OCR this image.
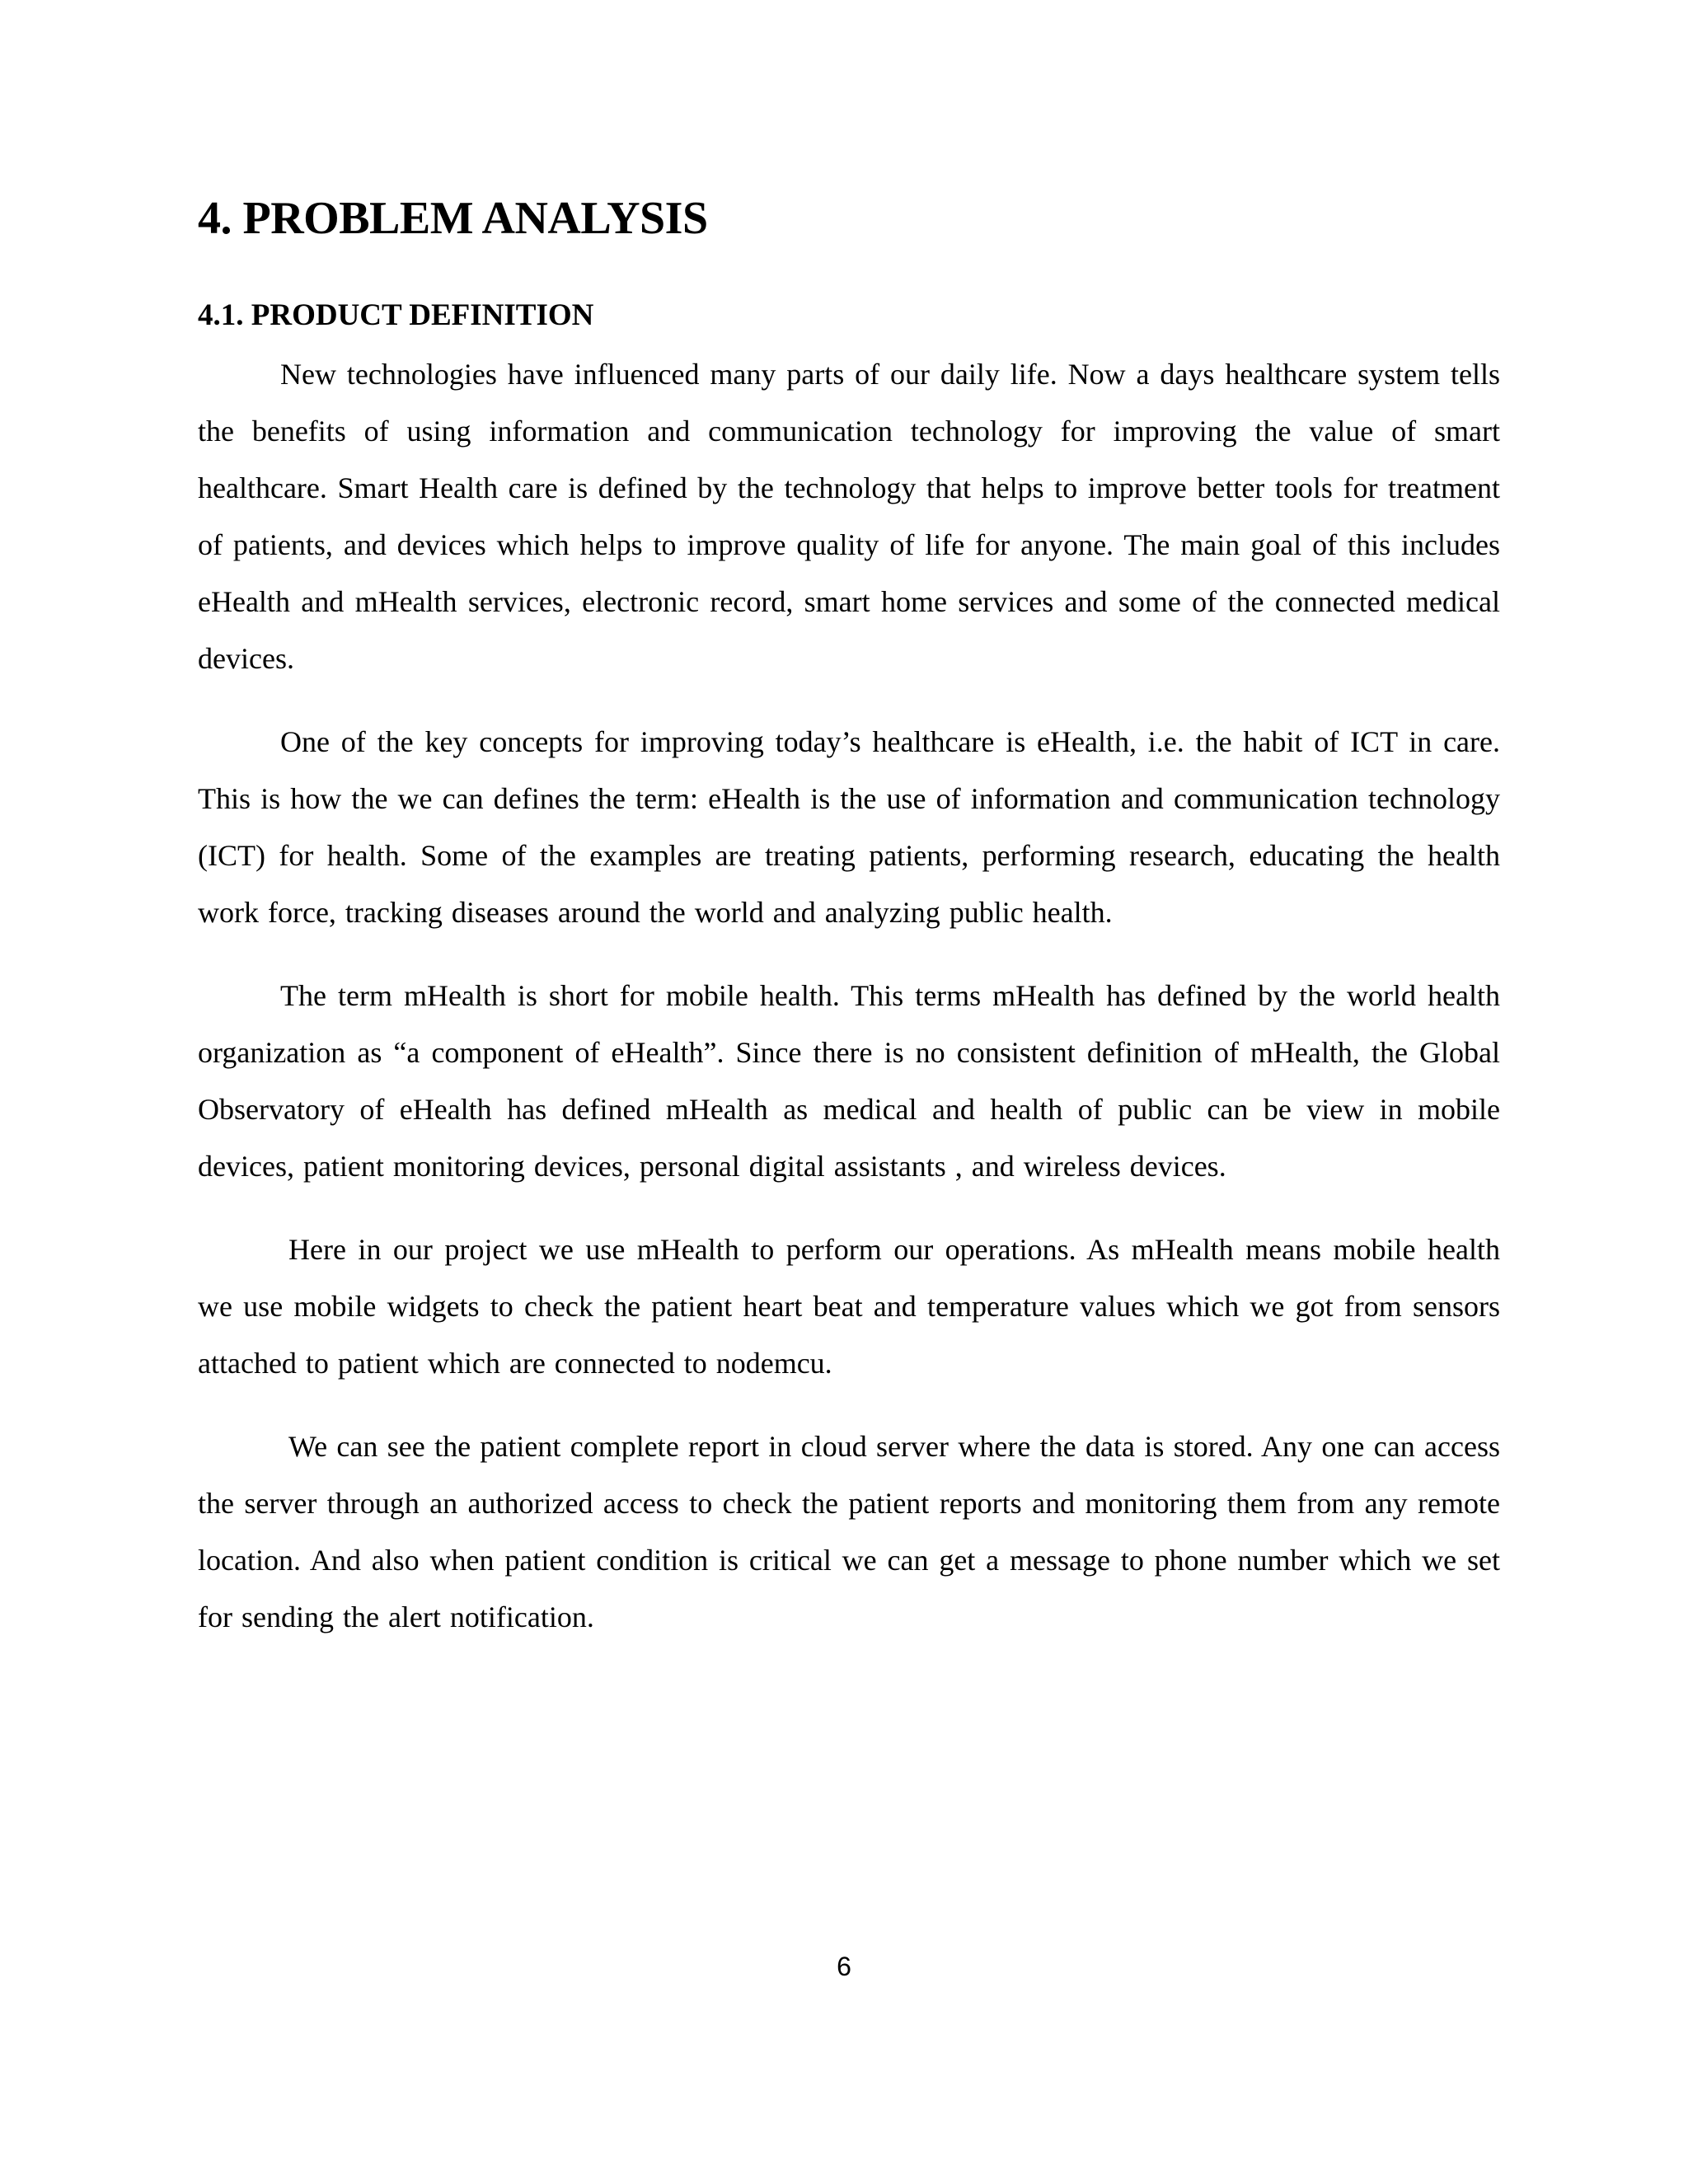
4. PROBLEM ANALYSIS
4.1. PRODUCT DEFINITION

New technologies have influenced many parts of our daily life. Now a days healthcare system tells the benefits of using information and communication technology for improving the value of smart healthcare. Smart Health care is defined by the technology that helps to improve better tools for treatment of patients, and devices which helps to improve quality of life for anyone. The main goal of this includes eHealth and mHealth services, electronic record, smart home services and some of the connected medical devices.

One of the key concepts for improving today’s healthcare is eHealth, i.e. the habit of ICT in care. This is how the we can defines the term: eHealth is the use of information and communication technology (ICT) for health. Some of the examples are treating patients, performing research, educating the health work force, tracking diseases around the world and analyzing public health.

The term mHealth is short for mobile health. This terms mHealth has defined by the world health organization as “a component of eHealth”. Since there is no consistent definition of mHealth, the Global Observatory of eHealth has defined mHealth as medical and health of public can be view in mobile devices, patient monitoring devices, personal digital assistants , and wireless devices.

Here in our project we use mHealth to perform our operations. As mHealth means mobile health we use mobile widgets to check the patient heart beat and temperature values which we got from sensors attached to patient which are connected to nodemcu.

We can see the patient complete report in cloud server where the data is stored. Any one can access the server through an authorized access to check the patient reports and monitoring them from any remote location. And also when patient condition is critical we can get a message to phone number which we set for sending the alert notification.

6
